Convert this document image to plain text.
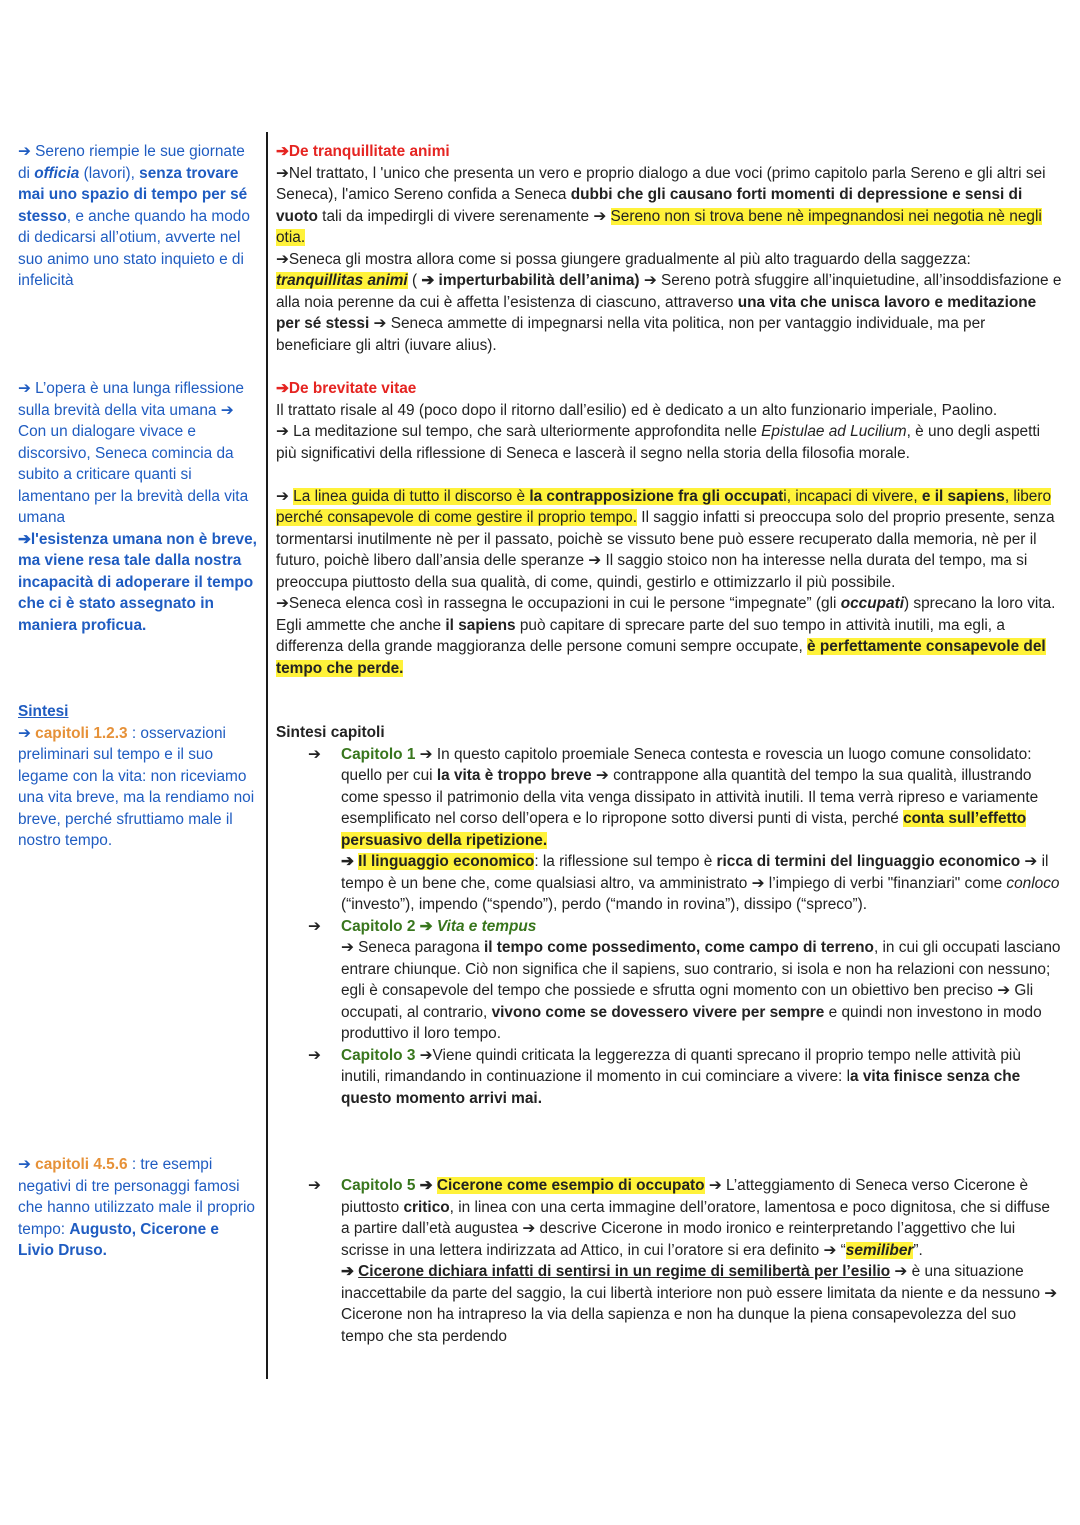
➔ Sereno riempie le sue giornate di officia (lavori), senza trovare mai uno spazio di tempo per sé stesso, e anche quando ha modo di dedicarsi all’otium, avverte nel suo animo uno stato inquieto e di infelicità

➔ L’opera è una lunga riflessione sulla brevità della vita umana ➔ Con un dialogare vivace e discorsivo, Seneca comincia da subito a criticare quanti si lamentano per la brevità della vita umana

➔l'esistenza umana non è breve, ma viene resa tale dalla nostra incapacità di adoperare il tempo che ci è stato assegnato in maniera proficua.

Sintesi

➔ capitoli 1.2.3 : osservazioni preliminari sul tempo e il suo legame con la vita: non riceviamo una vita breve, ma la rendiamo noi breve, perché sfruttiamo male il nostro tempo.

➔ capitoli 4.5.6 : tre esempi negativi di tre personaggi famosi che hanno utilizzato male il proprio tempo: Augusto, Cicerone e Livio Druso.

➔De tranquillitate animi

➔Nel trattato, l 'unico che presenta un vero e proprio dialogo a due voci (primo capitolo parla Sereno e gli altri sei Seneca), l'amico Sereno confida a Seneca dubbi che gli causano forti momenti di depressione e sensi di vuoto tali da impedirgli di vivere serenamente ➔ Sereno non si trova bene nè impegnandosi nei negotia nè negli otia.

➔Seneca gli mostra allora come si possa giungere gradualmente al più alto traguardo della saggezza: tranquillitas animi ( ➔ imperturbabilità dell’anima) ➔ Sereno potrà sfuggire all’inquietudine, all’insoddisfazione e alla noia perenne da cui è affetta l’esistenza di ciascuno, attraverso una vita che unisca lavoro e meditazione per sé stessi ➔ Seneca ammette di impegnarsi nella vita politica, non per vantaggio individuale, ma per beneficiare gli altri (iuvare alius).

➔De brevitate vitae

Il trattato risale al 49 (poco dopo il ritorno dall’esilio) ed è dedicato a un alto funzionario imperiale, Paolino.

➔ La meditazione sul tempo, che sarà ulteriormente approfondita nelle Epistulae ad Lucilium, è uno degli aspetti più significativi della riflessione di Seneca e lascerà il segno nella storia della filosofia morale.

➔ La linea guida di tutto il discorso è la contrapposizione fra gli occupati, incapaci di vivere, e il sapiens, libero perché consapevole di come gestire il proprio tempo. Il saggio infatti si preoccupa solo del proprio presente, senza tormentarsi inutilmente nè per il passato, poichè se vissuto bene può essere recuperato dalla memoria, nè per il futuro, poichè libero dall’ansia delle speranze ➔ Il saggio stoico non ha interesse nella durata del tempo, ma si preoccupa piuttosto della sua qualità, di come, quindi, gestirlo e ottimizzarlo il più possibile.

➔Seneca elenca così in rassegna le occupazioni in cui le persone “impegnate” (gli occupati) sprecano la loro vita. Egli ammette che anche il sapiens può capitare di sprecare parte del suo tempo in attività inutili, ma egli, a differenza della grande maggioranza delle persone comuni sempre occupate, è perfettamente consapevole del tempo che perde.

Sintesi capitoli

➔ Capitolo 1 ➔ In questo capitolo proemiale Seneca contesta e rovescia un luogo comune consolidato: quello per cui la vita è troppo breve ➔ contrappone alla quantità del tempo la sua qualità, illustrando come spesso il patrimonio della vita venga dissipato in attività inutili. Il tema verrà ripreso e variamente esemplificato nel corso dell’opera e lo ripropone sotto diversi punti di vista, perché conta sull’effetto persuasivo della ripetizione.

➔ Il linguaggio economico: la riflessione sul tempo è ricca di termini del linguaggio economico ➔ il tempo è un bene che, come qualsiasi altro, va amministrato ➔ l’impiego di verbi "finanziari" come conloco (“investo”), impendo (“spendo”), perdo (“mando in rovina”), dissipo (“spreco”).

➔ Capitolo 2 ➔ Vita e tempus

➔ Seneca paragona il tempo come possedimento, come campo di terreno, in cui gli occupati lasciano entrare chiunque. Ciò non significa che il sapiens, suo contrario, si isola e non ha relazioni con nessuno; egli è consapevole del tempo che possiede e sfrutta ogni momento con un obiettivo ben preciso ➔ Gli occupati, al contrario, vivono come se dovessero vivere per sempre e quindi non investono in modo produttivo il loro tempo.

➔ Capitolo 3 ➔Viene quindi criticata la leggerezza di quanti sprecano il proprio tempo nelle attività più inutili, rimandando in continuazione il momento in cui cominciare a vivere: la vita finisce senza che questo momento arrivi mai.

➔ Capitolo 5 ➔ Cicerone come esempio di occupato ➔ L’atteggiamento di Seneca verso Cicerone è piuttosto critico, in linea con una certa immagine dell’oratore, lamentosa e poco dignitosa, che si diffuse a partire dall’età augustea ➔ descrive Cicerone in modo ironico e reinterpretando l’aggettivo che lui scrisse in una lettera indirizzata ad Attico, in cui l’oratore si era definito ➔ “semiliber”.

➔ Cicerone dichiara infatti di sentirsi in un regime di semilibertà per l’esilio ➔ è una situazione inaccettabile da parte del saggio, la cui libertà interiore non può essere limitata da niente e da nessuno ➔ Cicerone non ha intrapreso la via della sapienza e non ha dunque la piena consapevolezza del suo tempo che sta perdendo
